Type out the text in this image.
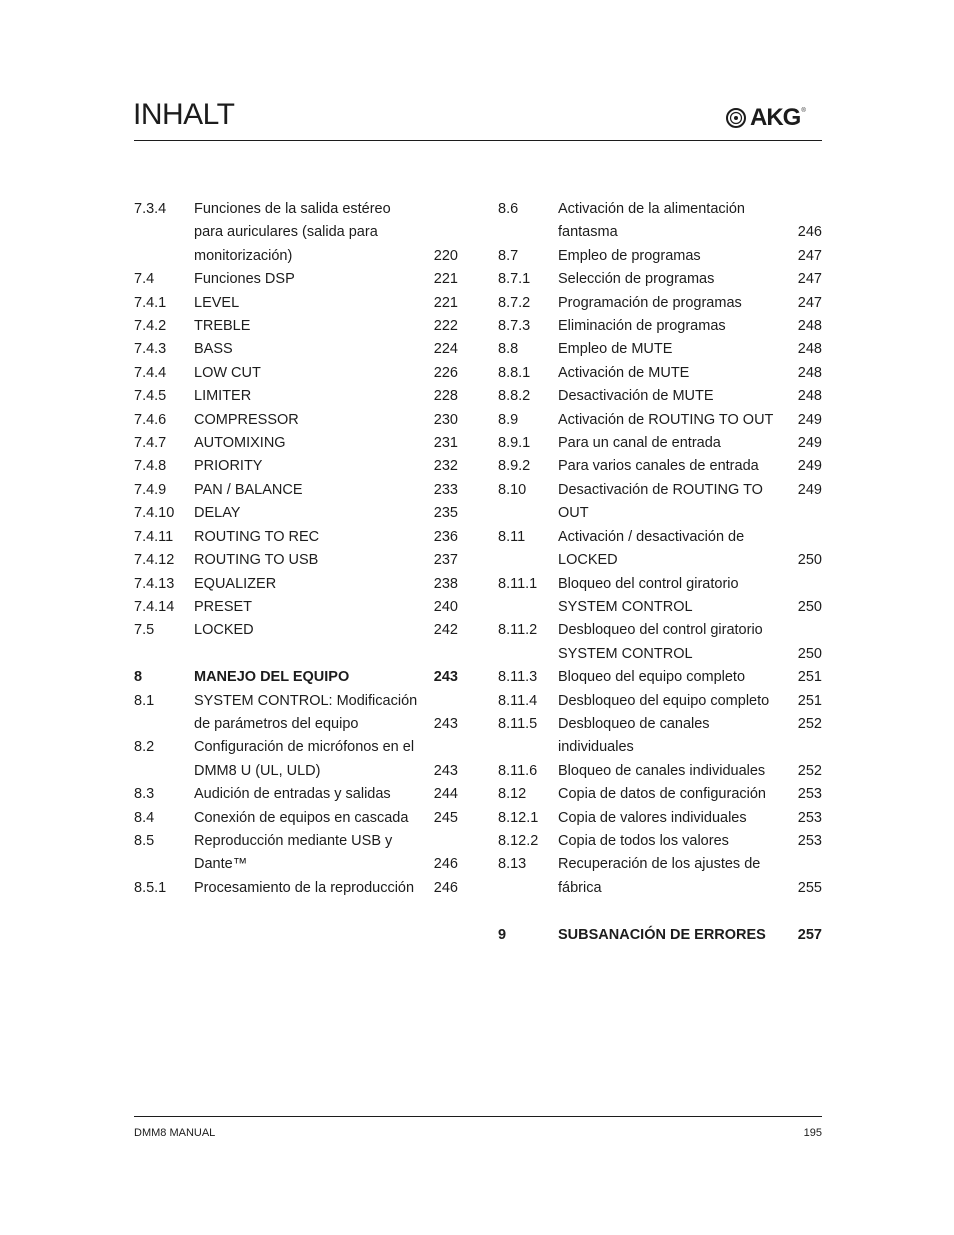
INHALT	AKG ®
7.3.4	Funciones de la salida estéreo
para auriculares (salida para
monitorización)	220
7.4	Funciones DSP	221
7.4.1	LEVEL	221
7.4.2	TREBLE	222
7.4.3	BASS	224
7.4.4	LOW CUT	226
7.4.5	LIMITER	228
7.4.6	COMPRESSOR	230
7.4.7	AUTOMIXING	231
7.4.8	PRIORITY	232
7.4.9	PAN / BALANCE	233
7.4.10	DELAY	235
7.4.11	ROUTING TO REC	236
7.4.12	ROUTING TO USB	237
7.4.13	EQUALIZER	238
7.4.14	PRESET	240
7.5	LOCKED	242
8	MANEJO DEL EQUIPO	243
8.1	SYSTEM CONTROL: Modificación
de parámetros del equipo	243
8.2	Configuración de micrófonos en el
DMM8 U (UL, ULD)	243
8.3	Audición de entradas y salidas	244
8.4	Conexión de equipos en cascada	245
8.5	Reproducción mediante USB y
Dante™	246
8.5.1	Procesamiento de la reproducción	246
8.6	Activación de la alimentación
fantasma	246
8.7	Empleo de programas	247
8.7.1	Selección de programas	247
8.7.2	Programación de programas	247
8.7.3	Eliminación de programas	248
8.8	Empleo de MUTE	248
8.8.1	Activación de MUTE	248
8.8.2	Desactivación de MUTE	248
8.9	Activación de ROUTING TO OUT	249
8.9.1	Para un canal de entrada	249
8.9.2	Para varios canales de entrada	249
8.10	Desactivación de ROUTING TO OUT
249
8.11	Activación / desactivación de
LOCKED	250
8.11.1	Bloqueo del control giratorio
SYSTEM CONTROL	250
8.11.2	Desbloqueo del control giratorio
SYSTEM CONTROL	250
8.11.3	Bloqueo del equipo completo	251
8.11.4	Desbloqueo del equipo completo	251
8.11.5	Desbloqueo de canales individuales
252
8.11.6	Bloqueo de canales individuales	252
8.12	Copia de datos de configuración	253
8.12.1	Copia de valores individuales	253
8.12.2	Copia de todos los valores	253
8.13	Recuperación de los ajustes de
fábrica	255
9	SUBSANACIÓN DE ERRORES	257
DMM8 MANUAL	195
